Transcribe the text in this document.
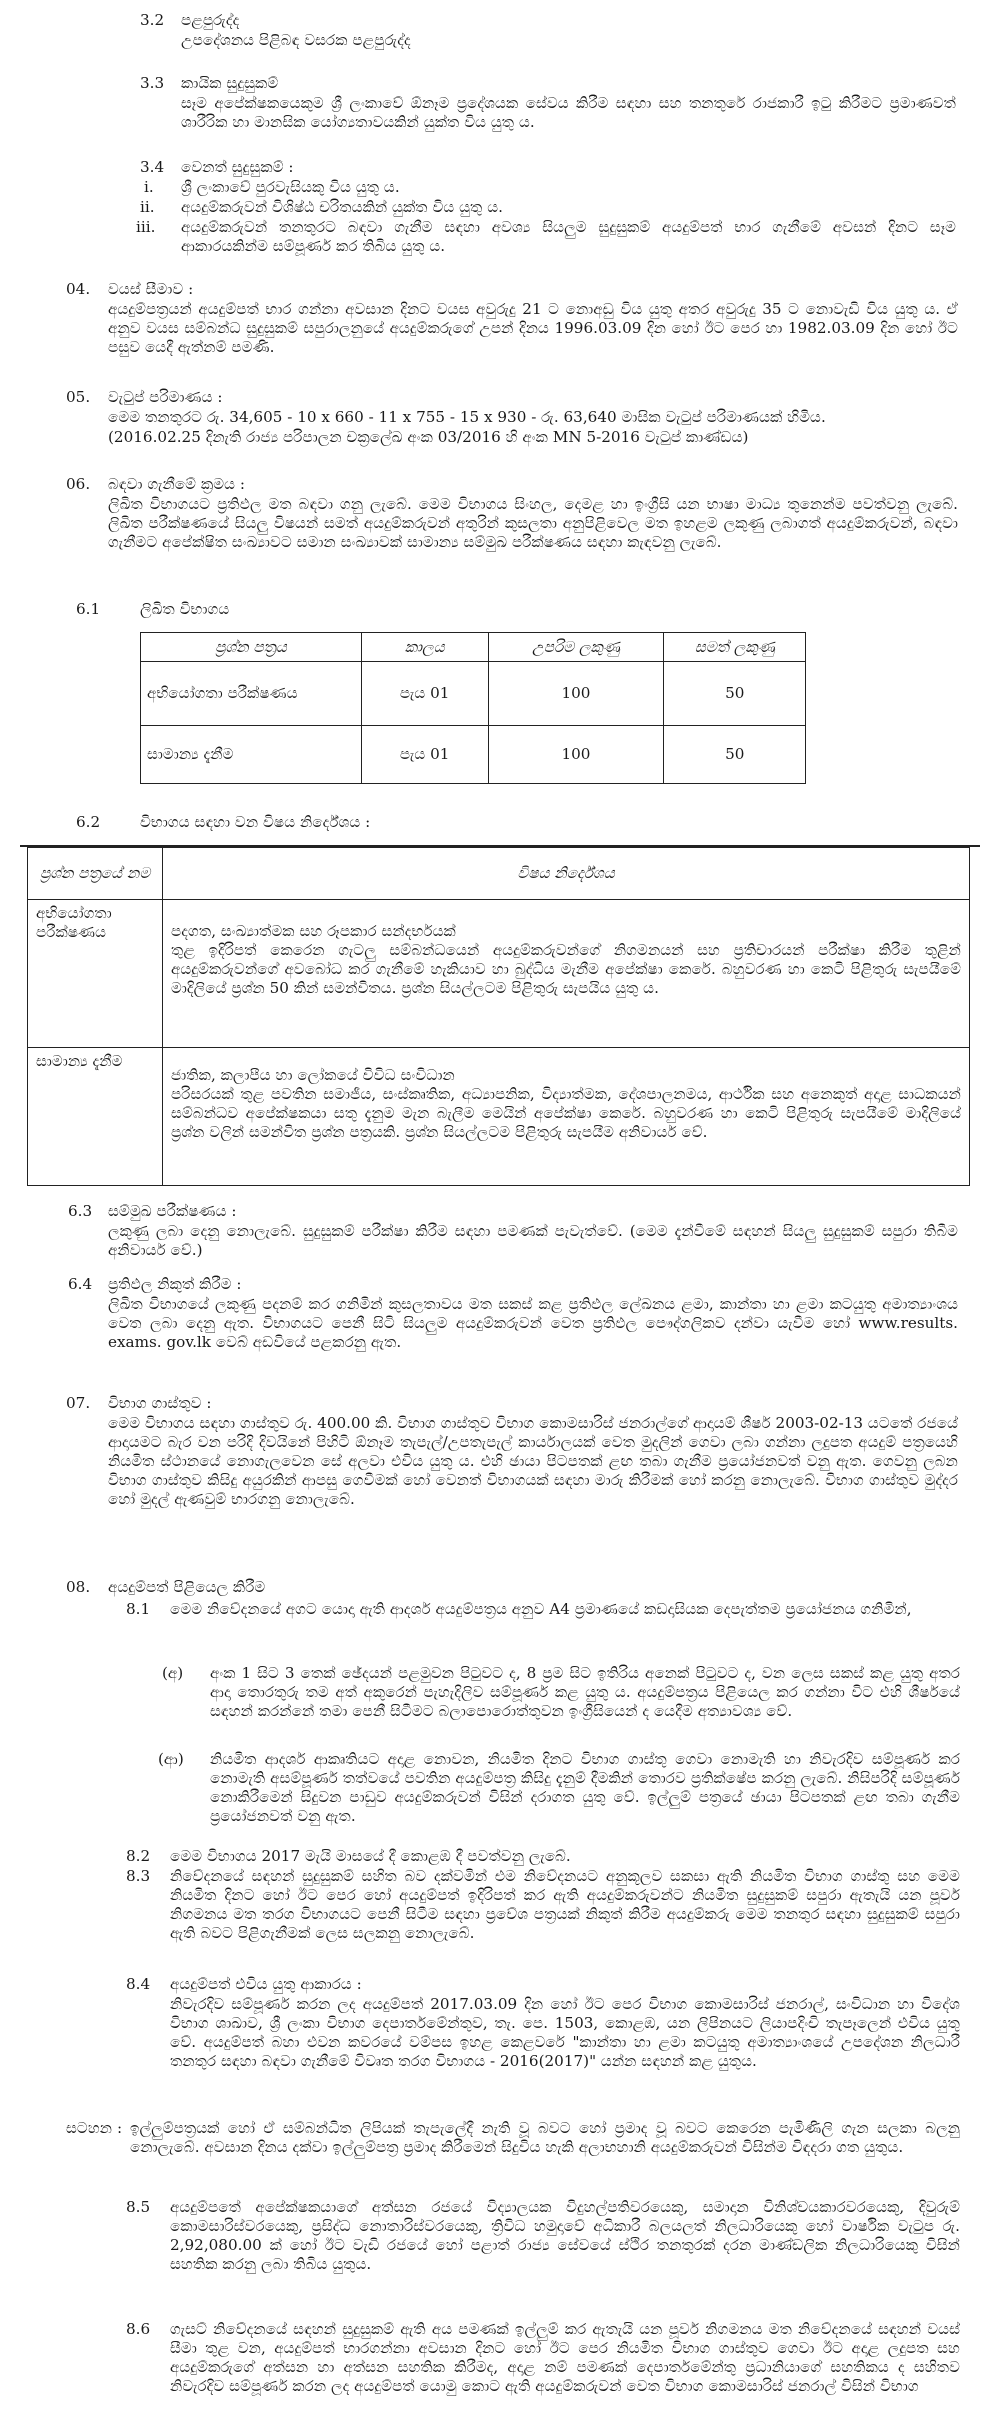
3.2 පළපුරුද්ද

උපදේශනය පිළිබඳ වසරක පළපුරුද්ද

3.3 කායික සුදුසුකම්

සෑම අපේක්ෂකයෙකුම ශ්‍රී ලංකාවේ ඕනෑම ප්‍රදේශයක සේවය කිරීම සඳහා සහ තනතුරේ රාජකාරී ඉටු කිරීමට ප්‍රමාණවත් ශාරීරික හා මානසික යෝග්‍යතාවයකින් යුක්ත විය යුතු ය.

3.4 වෙනත් සුදුසුකම් :

i. ශ්‍රී ලංකාවේ පුරවැසියකු විය යුතු ය.

ii. අයදුම්කරුවන් විශිෂ්ඨ චරිතයකින් යුක්ත විය යුතු ය.

iii. අයදුම්කරුවන් තනතුරට බඳවා ගැනීම සඳහා අවශ්‍ය සියලුම සුදුසුකම් අයදුම්පත් භාර ගැනීමේ අවසන් දිනට සෑම ආකාරයකින්ම සම්පූර්ණ කර තිබිය යුතු ය.

04. වයස් සීමාව :

අයදුම්පත්‍රයන් අයදුම්පත් භාර ගන්නා අවසාන දිනට වයස අවුරුදු 21 ට නොඅඩු විය යුතු අතර අවුරුදු 35 ට නොවැඩි විය යුතු ය. ඒ අනුව වයස සම්බන්ධ සුදුසුකම් සපුරාලනුයේ අයදුම්කරුගේ උපන් දිනය 1996.03.09 දින හෝ ඊට පෙර හා 1982.03.09 දින හෝ ඊට පසුව යෙදී ඇත්නම් පමණි.

05. වැටුප් පරිමාණය :

මෙම තනතුරට රු. 34,605 - 10 x 660 - 11 x 755 - 15 x 930 - රු. 63,640 මාසික වැටුප් පරිමාණයක් හිමිය.

(2016.02.25 දිනැති රාජ්‍ය පරිපාලන චක්‍රලේඛ අංක 03/2016 හි අංක MN 5-2016 වැටුප් කාණ්ඩය)

06. බඳවා ගැනීමේ ක්‍රමය :

ලිඛිත විභාගයට ප්‍රතිඵල මත බඳවා ගනු ලැබේ. මෙම විභාගය සිංහල, දෙමළ හා ඉංග්‍රීසි යන භාෂා මාධ්‍ය තුනෙන්ම පවත්වනු ලැබේ. ලිඛිත පරීක්ෂණයේ සියලු විෂයන් සමත් අයදුම්කරුවන් අතුරින් කුසලතා අනුපිළිවෙල මත ඉහළම ලකුණු ලබාගත් අයදුම්කරුවන්, බඳවා ගැනීමට අපේක්ෂිත සංඛ්‍යාවට සමාන සංඛ්‍යාවක් සාමාන්‍ය සම්මුඛ පරීක්ෂණය සඳහා කැඳවනු ලැබේ.

6.1	ලිඛිත විභාගය

ප්‍රශ්න පත්‍රය	කාලය	උපරිම ලකුණු	සමත් ලකුණු
අභියෝගතා පරීක්ෂණය	පැය 01	100	50
සාමාන්‍ය දැනීම	පැය 01	100	50
6.2	විභාගය සඳහා වන විෂය නිර්දේශය :

ප්‍රශ්න පත්‍රයේ නම	විෂය නිර්දේශය
අභියෝගතා පරීක්ෂණය	පදගත, සංඛ්‍යාත්මක සහ රූපකාර සන්දර්භයක්
තුළ ඉදිරිපත් කෙරෙන ගැටලු සම්බන්ධයෙන් අයදුම්කරුවන්ගේ නිගමනයන් සහ ප්‍රතිචාරයන් පරීක්ෂා කිරීම තුළින් අයදුම්කරුවන්ගේ අවබෝධ කර ගැනීමේ හැකියාව හා බුද්ධිය මැනීම අපේක්ෂා කෙරේ. බහුවරණ හා කෙටි පිළිතුරු සැපයීමේ මාදිලියේ ප්‍රශ්න 50 කින් සමන්විතය. ප්‍රශ්න සියල්ලටම පිළිතුරු සැපයිය යුතු ය.

සාමාන්‍ය දැනීම	ජාතික, කලාපීය හා ලෝකයේ විවිධ සංවිධාන
පරිසරයක් තුළ පවතින සමාජීය, සංස්කෘතික, අධ්‍යාපනික, විද්‍යාත්මක, දේශපාලනමය, ආර්ථික සහ අනෙකුත් අදාළ සාධකයන් සම්බන්ධව අපේක්ෂකයා සතු දැනුම මැන බැලීම මෙයින් අපේක්ෂා කෙරේ. බහුවරණ හා කෙටි පිළිතුරු සැපයීමේ මාදිලියේ ප්‍රශ්න වලින් සමන්විත ප්‍රශ්න පත්‍රයකි. ප්‍රශ්න සියල්ලටම පිළිතුරු සැපයීම අනිවාර්ය වේ.
6.3 සම්මුඛ පරීක්ෂණය :

ලකුණු ලබා දෙනු නොලැබේ. සුදුසුකම් පරීක්ෂා කිරීම සඳහා පමණක් පැවැත්වේ. (මෙම දැන්වීමේ සඳහන් සියලු සුදුසුකම් සපුරා තිබීම අනිවාර්ය වේ.)

6.4 ප්‍රතිඵල නිකුත් කිරීම :

ලිඛිත විභාගයේ ලකුණු පදනම් කර ගනිමින් කුසලතාවය මත සකස් කළ ප්‍රතිඵල ලේඛනය ළමා, කාන්තා හා ළමා කටයුතු අමාත්‍යාංශය වෙත ලබා දෙනු ඇත. විභාගයට පෙනී සිටි සියලුම අයදුම්කරුවන් වෙත ප්‍රතිඵල පෞද්ගලිකව දන්වා යැවීම හෝ www.results. exams. gov.lk වෙබ් අඩවියේ පළකරනු ඇත.

07. විභාග ගාස්තුව :

මෙම විභාගය සඳහා ගාස්තුව රු. 400.00 කි. විභාග ගාස්තුව විභාග කොමසාරිස් ජනරාල්ගේ ආදායම් ශීර්ෂ 2003-02-13 යටතේ රජයේ ආදායමට බැර වන පරිදි දිවයිනේ පිහිටි ඕනෑම තැපැල්/උපතැපැල් කාර්යාලයක් වෙත මුදලින් ගෙවා ලබා ගන්නා ලදුපත අයදුම් පත්‍රයෙහි නියමිත ස්ථානයේ නොගැලවෙන සේ අලවා එවිය යුතු ය. එහි ඡායා පිටපතක් ළඟ තබා ගැනීම ප්‍රයෝජනවත් වනු ඇත. ගෙවනු ලබන විභාග ගාස්තුව කිසිදු අයුරකින් ආපසු ගෙවීමක් හෝ වෙනත් විභාගයක් සඳහා මාරු කිරීමක් හෝ කරනු නොලැබේ. විභාග ගාස්තුව මුද්දර හෝ මුදල් ඇණවුම් භාරගනු නොලැබේ.

08. අයදුම්පත් පිළියෙල කිරීම

8.1 මෙම නිවේදනයේ අගට යොදා ඇති ආදර්ශ අයදුම්පත්‍රය අනුව A4 ප්‍රමාණයේ කඩදාසියක දෙපැත්තම ප්‍රයෝජනය ගනිමින්,

(අ) අංක 1 සිට 3 තෙක් ඡේදයන් පළමුවන පිටුවට ද, 8 ප්‍රම සිට ඉතිරිය අනෙක් පිටුවට ද, වන ලෙස සකස් කළ යුතු අතර ආදා තොරතුරු තම අත් අකුරෙන් පැහැදිලිව සම්පූර්ණ කළ යුතු ය. අයදුම්පත්‍රය පිළියෙල කර ගන්නා විට එහි ශීර්ෂයේ සඳහන් කරන්නේ තමා පෙනී සිටීමට බලාපොරොත්තුවන ඉංග්‍රීසියෙන් ද යෙදීම අත්‍යාවශ්‍ය වේ.

(ආ) නියමිත ආදර්ශ ආකෘතියට අදාළ නොවන, නියමිත දිනට විභාග ගාස්තු ගෙවා නොමැති හා නිවැරදිව සම්පූර්ණ කර නොමැති අසම්පූර්ණ තත්වයේ පවතින අයදුම්පත්‍ර කිසිදු දැනුම් දීමකින් තොරව ප්‍රතික්ෂේප කරනු ලැබේ. නිසිපරිදි සම්පූර්ණ නොකිරීමෙන් සිදුවන පාඩුව අයදුම්කරුවන් විසින් දරාගත යුතු වේ. ඉල්ලුම් පත්‍රයේ ඡායා පිටපතක් ළඟ තබා ගැනීම ප්‍රයෝජනවත් වනු ඇත.

8.2 මෙම විභාගය 2017 මැයි මාසයේ දී කොළඹ දී පවත්වනු ලැබේ.

8.3 නිවේදනයේ සඳහන් සුදුසුකම් සහිත බව දක්වමින් එම නිවේදනයට අනුකූලව සකසා ඇති නියමිත විභාග ගාස්තු සහ මෙම නියමිත දිනට හෝ ඊට පෙර හෝ අයදුම්පත් ඉදිරිපත් කර ඇති අයදුම්කරුවන්ට නියමිත සුදුසුකම් සපුරා ඇතැයි යන පූර්ව නිගමනය මත තරග විභාගයට පෙනී සිටීම සඳහා ප්‍රවේශ පත්‍රයක් නිකුත් කිරීම අයදුම්කරු මෙම තනතුර සඳහා සුදුසුකම් සපුරා ඇති බවට පිළිගැනීමක් ලෙස සලකනු නොලැබේ.

8.4 අයදුම්පත් එවිය යුතු ආකාරය :

නිවැරදිව සම්පූර්ණ කරන ලද අයදුම්පත් 2017.03.09 දින හෝ ඊට පෙර විභාග කොමසාරිස් ජනරාල්, සංවිධාන හා විදේශ විභාග ශාඛාව, ශ්‍රී ලංකා විභාග දෙපාර්තමේන්තුව, තැ. පෙ. 1503, කොළඹ, යන ලිපිනයට ලියාපදිංචි තැපෑලෙන් එවිය යුතු වේ. අයදුම්පත් බහා එවන කවරයේ වම්පස ඉහළ කෙළවරේ "කාන්තා හා ළමා කටයුතු අමාත්‍යාංශයේ උපදේශන නිලධාරී තනතුර සඳහා බඳවා ගැනීමේ විවෘත තරග විභාගය - 2016(2017)" යන්න සඳහන් කළ යුතුය.

සටහන : ඉල්ලුම්පත්‍රයක් හෝ ඒ සම්බන්ධිත ලිපියක් තැපැලේදී නැති වූ බවට හෝ ප්‍රමාද වූ බවට කෙරෙන පැමිණිලි ගැන සලකා බලනු නොලැබේ. අවසාන දිනය දක්වා ඉල්ලුම්පත්‍ර ප්‍රමාද කිරීමෙන් සිදුවිය හැකි අලාභහානි අයදුම්කරුවන් විසින්ම විඳදරා ගත යුතුය.

8.5 අයදුම්පතේ අපේක්ෂකයාගේ අත්සන රජයේ විද්‍යාලයක විදුහල්පතිවරයෙකු, සමාදාන විනිශ්චයකාරවරයෙකු, දිවුරුම් කොමසාරිස්වරයෙකු, ප්‍රසිද්ධ නොතාරිස්වරයෙකු, ත්‍රිවිධ හමුදාවේ අධිකාරී බලයලත් නිලධාරියෙකු හෝ වාර්ෂික වැටුප රු. 2,92,080.00 ක් හෝ ඊට වැඩි රජයේ හෝ පළාත් රාජ්‍ය සේවයේ ස්ථිර තනතුරක් දරන මාණ්ඩලික නිලධාරියෙකු විසින් සහතික කරනු ලබා තිබිය යුතුය.

8.6 ගැසට් නිවේදනයේ සඳහන් සුදුසුකම් ඇති අය පමණක් ඉල්ලුම් කර ඇතැයි යන පූර්ව නිගමනය මත නිවේදනයේ සඳහන් වයස් සීමා තුළ වන, අයදුම්පත් භාරගන්නා අවසාන දිනට හෝ ඊට පෙර නියමිත විභාග ගාස්තුව ගෙවා ඊට අදාළ ලදුපත සහ අයදුම්කරුගේ අත්සන හා අත්සන සහතික කිරීමද, අදාළ නම් පමණක් දෙපාර්තමේන්තු ප්‍රධානියාගේ සහතිකය ද සහිතව නිවැරදිව සම්පූර්ණ කරන ලද අයදුම්පත් යොමු කොට ඇති අයදුම්කරුවන් වෙත විභාග කොමසාරිස් ජනරාල් විසින් විභාග
